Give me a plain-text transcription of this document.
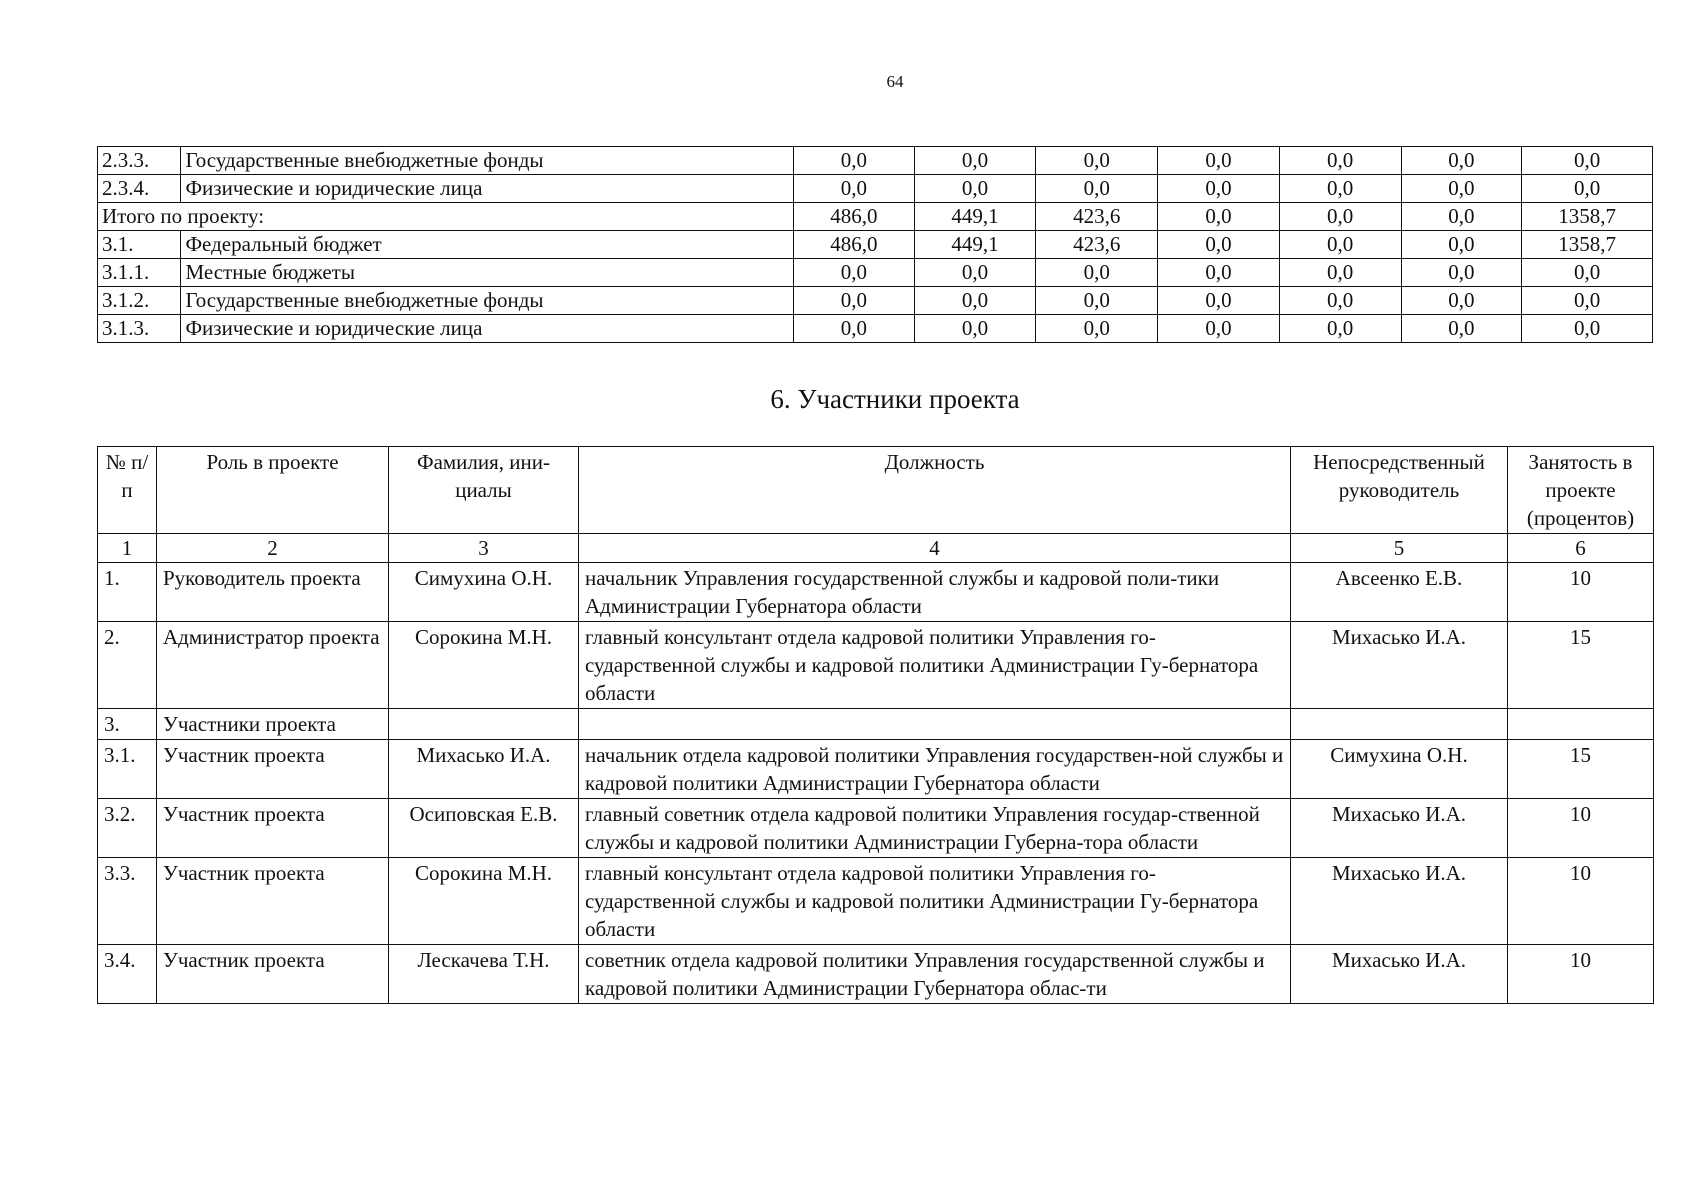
64
2.3.3.	Государственные внебюджетные фонды	0,0	0,0	0,0	0,0	0,0	0,0	0,0
2.3.4.	Физические и юридические лица	0,0	0,0	0,0	0,0	0,0	0,0	0,0
Итого по проекту:		486,0	449,1	423,6	0,0	0,0	0,0	1358,7
3.1.	Федеральный бюджет	486,0	449,1	423,6	0,0	0,0	0,0	1358,7
3.1.1.	Местные бюджеты	0,0	0,0	0,0	0,0	0,0	0,0	0,0
3.1.2.	Государственные внебюджетные фонды	0,0	0,0	0,0	0,0	0,0	0,0	0,0
3.1.3.	Физические и юридические лица	0,0	0,0	0,0	0,0	0,0	0,0	0,0
6. Участники проекта
№ п/п	Роль в проекте	Фамилия, ини-циалы	Должность	Непосредственный руководитель	Занятость в проекте (процентов)
1	2	3	4	5	6
1.	Руководитель проекта	Симухина О.Н.	начальник Управления государственной службы и кадровой поли-тики Администрации Губернатора области	Авсеенко Е.В.	10
2.	Администратор проекта	Сорокина М.Н.	главный консультант отдела кадровой политики Управления го-сударственной службы и кадровой политики Администрации Гу-бернатора области	Михасько И.А.	15
3.	Участники проекта				
3.1.	Участник проекта	Михасько И.А.	начальник отдела кадровой политики Управления государствен-ной службы и кадровой политики Администрации Губернатора области	Симухина О.Н.	15
3.2.	Участник проекта	Осиповская Е.В.	главный советник отдела кадровой политики Управления государ-ственной службы и кадровой политики Администрации Губерна-тора области	Михасько И.А.	10
3.3.	Участник проекта	Сорокина М.Н.	главный консультант отдела кадровой политики Управления го-сударственной службы и кадровой политики Администрации Гу-бернатора области	Михасько И.А.	10
3.4.	Участник проекта	Лескачева Т.Н.	советник отдела кадровой политики Управления государственной службы и кадровой политики Администрации Губернатора облас-ти	Михасько И.А.	10
